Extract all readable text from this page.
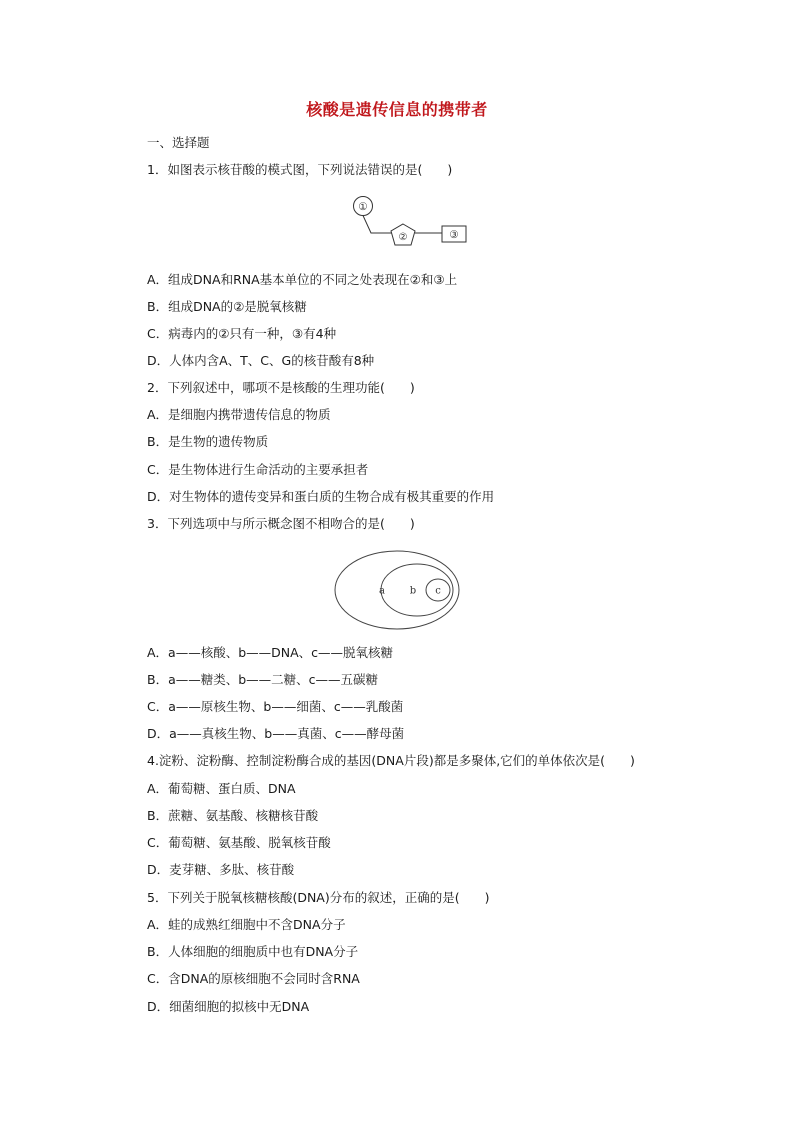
核酸是遗传信息的携带者
一、选择题
1．如图表示核苷酸的模式图，下列说法错误的是(　　)
①
②	③
A．组成DNA和RNA基本单位的不同之处表现在②和③上
B．组成DNA的②是脱氧核糖
C．病毒内的②只有一种，③有4种
D．人体内含A、T、C、G的核苷酸有8种
2．下列叙述中，哪项不是核酸的生理功能(　　)
A．是细胞内携带遗传信息的物质
B．是生物的遗传物质
C．是生物体进行生命活动的主要承担者
D．对生物体的遗传变异和蛋白质的生物合成有极其重要的作用
3．下列选项中与所示概念图不相吻合的是(　　)
a b c
A．a——核酸、b——DNA、c——脱氧核糖
B．a——糖类、b——二糖、c——五碳糖
C．a——原核生物、b——细菌、c——乳酸菌
D．a——真核生物、b——真菌、c——酵母菌
4.淀粉、淀粉酶、控制淀粉酶合成的基因(DNA片段)都是多聚体,它们的单体依次是(　　)
A．葡萄糖、蛋白质、DNA
B．蔗糖、氨基酸、核糖核苷酸
C．葡萄糖、氨基酸、脱氧核苷酸
D．麦芽糖、多肽、核苷酸
5．下列关于脱氧核糖核酸(DNA)分布的叙述，正确的是(　　)
A．蛙的成熟红细胞中不含DNA分子
B．人体细胞的细胞质中也有DNA分子
C．含DNA的原核细胞不会同时含RNA
D．细菌细胞的拟核中无DNA
